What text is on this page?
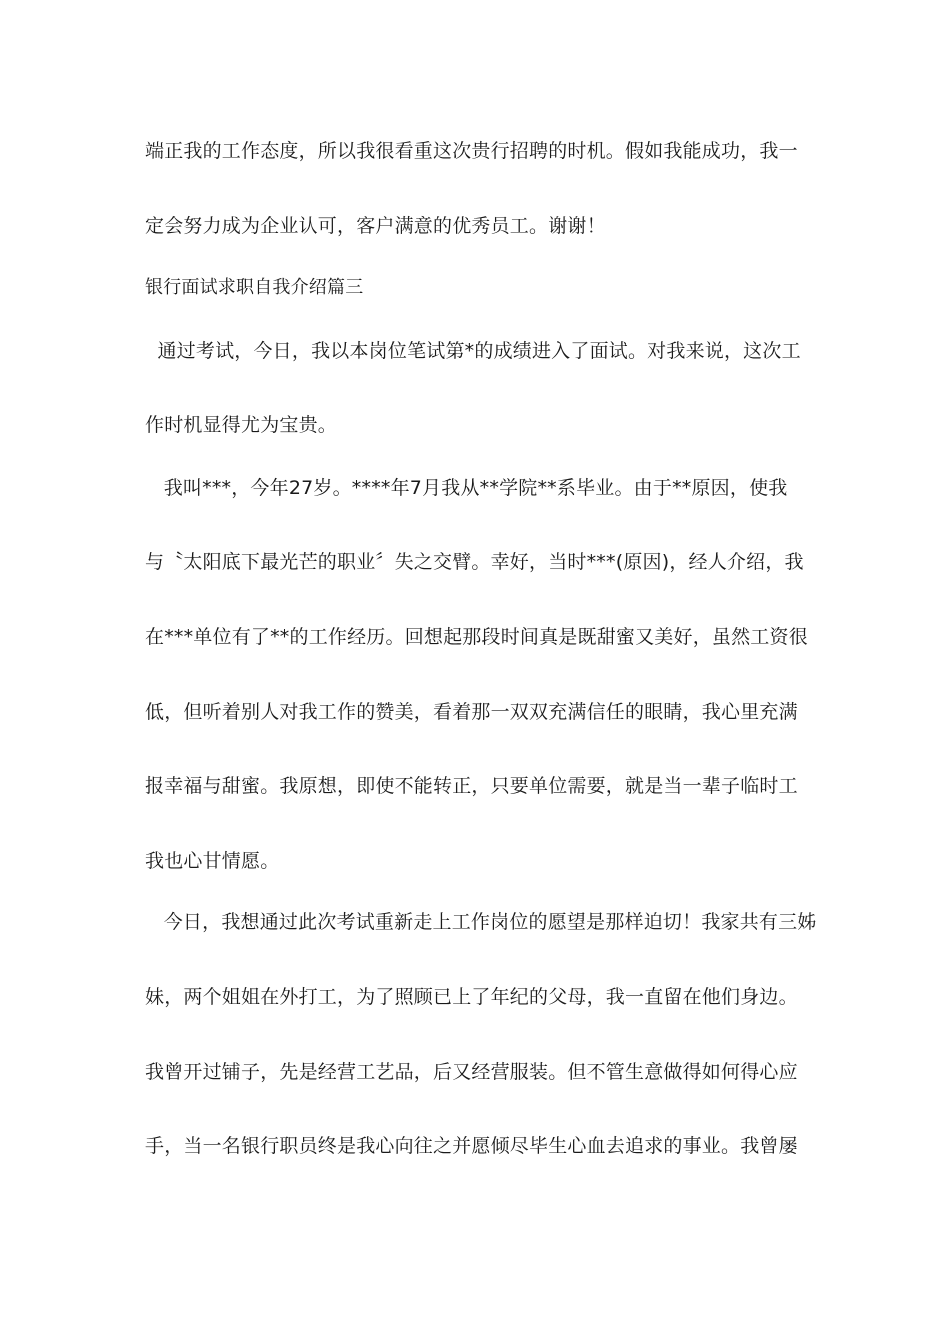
端正我的工作态度，所以我很看重这次贵行招聘的时机。假如我能成功，我一
定会努力成为企业认可，客户满意的优秀员工。谢谢！
银行面试求职自我介绍篇三
通过考试，今日，我以本岗位笔试第*的成绩进入了面试。对我来说，这次工
作时机显得尤为宝贵。
我叫***，今年27岁。****年7月我从**学院**系毕业。由于**原因，使我
与〝太阳底下最光芒的职业〞失之交臂。幸好，当时***(原因)，经人介绍，我
在***单位有了**的工作经历。回想起那段时间真是既甜蜜又美好，虽然工资很
低，但听着别人对我工作的赞美，看着那一双双充满信任的眼睛，我心里充满
报幸福与甜蜜。我原想，即使不能转正，只要单位需要，就是当一辈子临时工
我也心甘情愿。
今日，我想通过此次考试重新走上工作岗位的愿望是那样迫切！我家共有三姊
妹，两个姐姐在外打工，为了照顾已上了年纪的父母，我一直留在他们身边。
我曾开过铺子，先是经营工艺品，后又经营服装。但不管生意做得如何得心应
手，当一名银行职员终是我心向往之并愿倾尽毕生心血去追求的事业。我曾屡
